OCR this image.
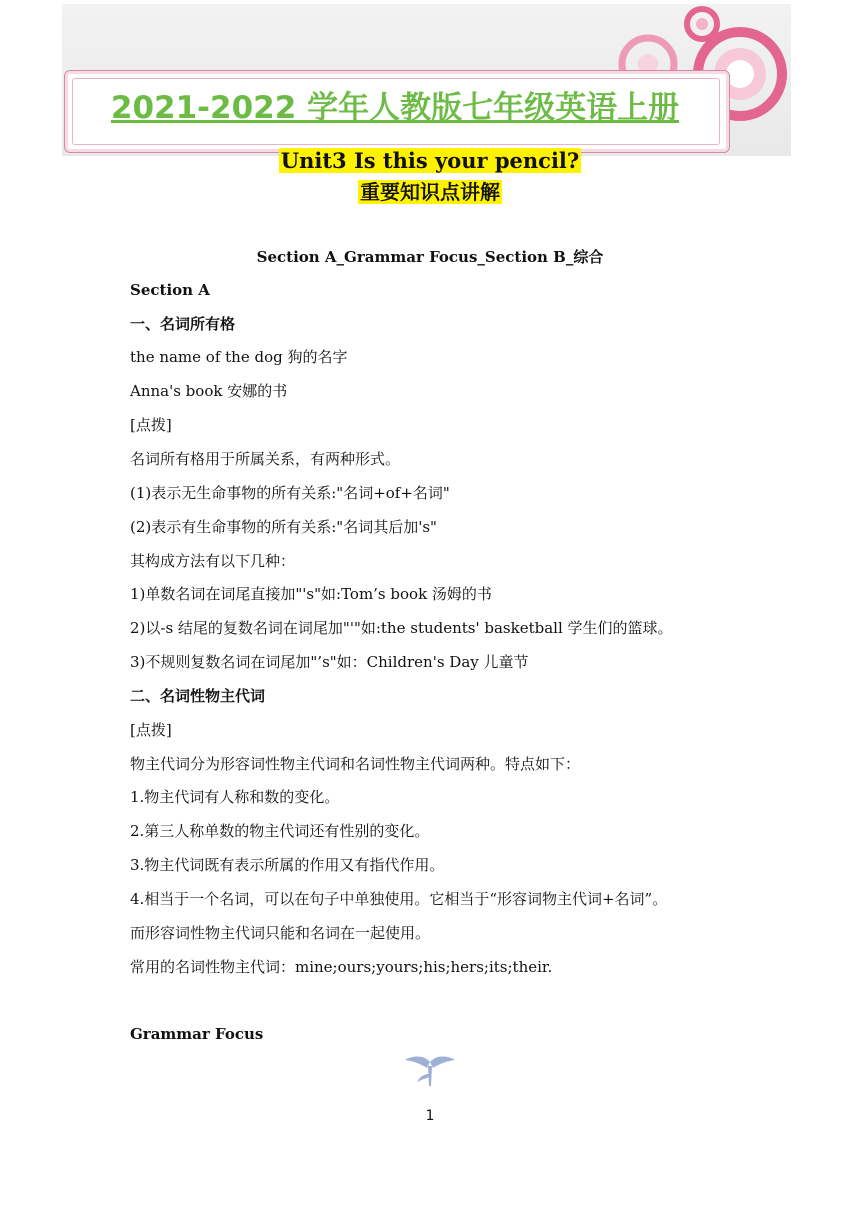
2021-2022 学年人教版七年级英语上册
Unit3 Is this your pencil?
重要知识点讲解
Section A_Grammar Focus_Section B_综合
Section A
一、名词所有格
the name of the dog 狗的名字
Anna's book 安娜的书
[点拨]
名词所有格用于所属关系，有两种形式。
(1)表示无生命事物的所有关系:"名词+of+名词"
(2)表示有生命事物的所有关系:"名词其后加's"
其构成方法有以下几种：
1)单数名词在词尾直接加"'s"如:Tom’s book 汤姆的书
2)以-s 结尾的复数名词在词尾加"'"如:the students' basketball 学生们的篮球。
3)不规则复数名词在词尾加"’s"如：Children's Day 儿童节
二、名词性物主代词
[点拨]
物主代词分为形容词性物主代词和名词性物主代词两种。特点如下：
1.物主代词有人称和数的变化。
2.第三人称单数的物主代词还有性别的变化。
3.物主代词既有表示所属的作用又有指代作用。
4.相当于一个名词，可以在句子中单独使用。它相当于“形容词物主代词+名词”。
而形容词性物主代词只能和名词在一起使用。
常用的名词性物主代词：mine;ours;yours;his;hers;its;their.
Grammar Focus
1
